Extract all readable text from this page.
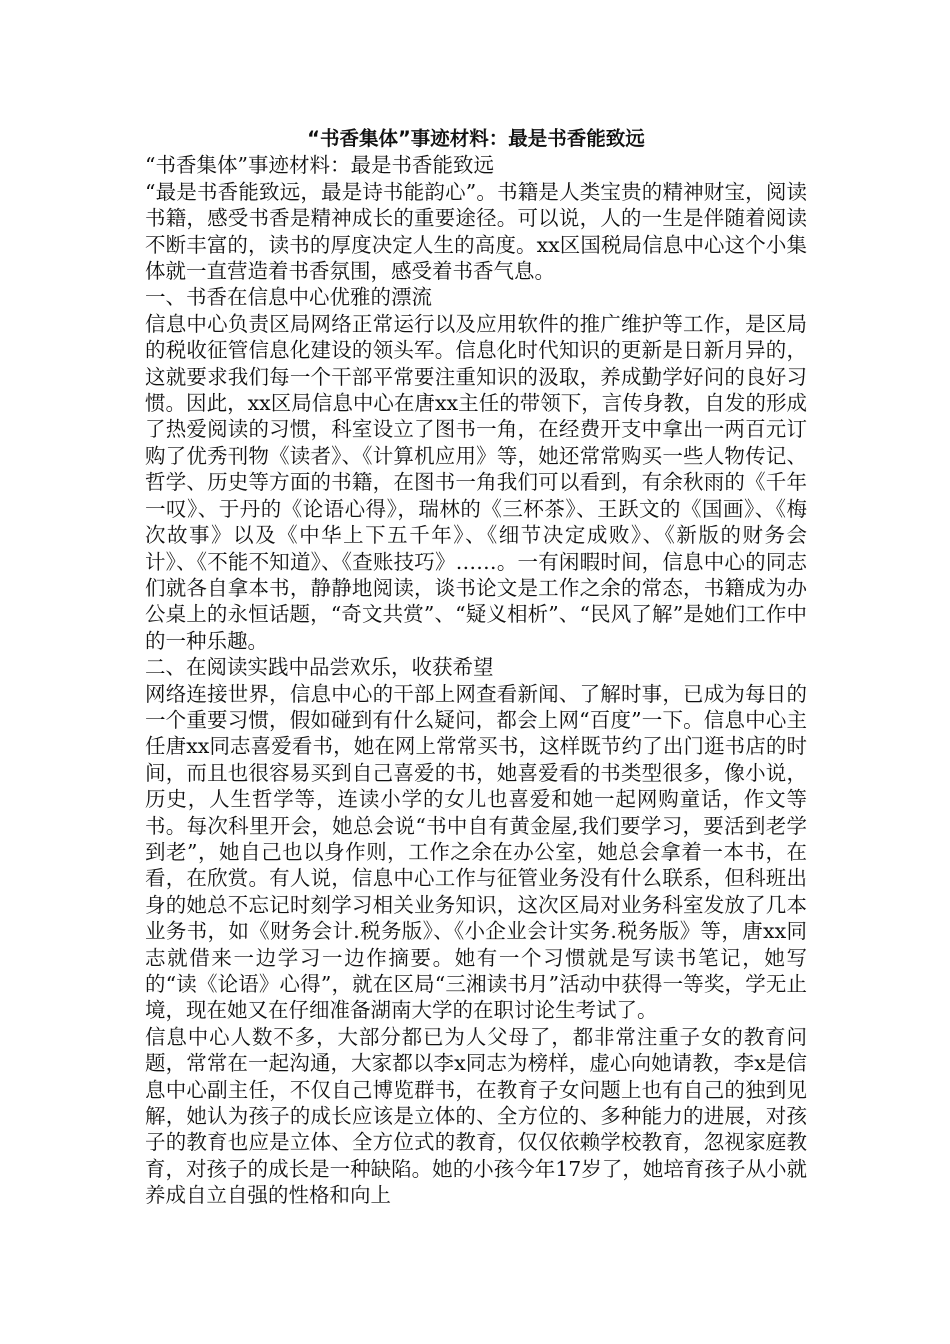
“书香集体”事迹材料：最是书香能致远
“书香集体”事迹材料：最是书香能致远
“最是书香能致远，最是诗书能韵心”。书籍是人类宝贵的精神财宝，阅读书籍，感受书香是精神成长的重要途径。可以说，人的一生是伴随着阅读不断丰富的，读书的厚度决定人生的高度。xx区国税局信息中心这个小集体就一直营造着书香氛围，感受着书香气息。
一、书香在信息中心优雅的漂流
信息中心负责区局网络正常运行以及应用软件的推广维护等工作，是区局的税收征管信息化建设的领头军。信息化时代知识的更新是日新月异的，这就要求我们每一个干部平常要注重知识的汲取，养成勤学好问的良好习惯。因此，xx区局信息中心在唐xx主任的带领下，言传身教，自发的形成了热爱阅读的习惯，科室设立了图书一角，在经费开支中拿出一两百元订购了优秀刊物《读者》、《计算机应用》等，她还常常购买一些人物传记、哲学、历史等方面的书籍，在图书一角我们可以看到，有余秋雨的《千年一叹》、于丹的《论语心得》，瑞林的《三杯茶》、王跃文的《国画》、《梅次故事》以及《中华上下五千年》、《细节决定成败》、《新版的财务会计》、《不能不知道》、《查账技巧》……。一有闲暇时间，信息中心的同志们就各自拿本书，静静地阅读，谈书论文是工作之余的常态，书籍成为办公桌上的永恒话题，“奇文共赏”、“疑义相析”、“民风了解”是她们工作中的一种乐趣。
二、在阅读实践中品尝欢乐，收获希望
网络连接世界，信息中心的干部上网查看新闻、了解时事，已成为每日的一个重要习惯，假如碰到有什么疑问，都会上网“百度”一下。信息中心主任唐xx同志喜爱看书，她在网上常常买书，这样既节约了出门逛书店的时间，而且也很容易买到自己喜爱的书，她喜爱看的书类型很多，像小说，历史，人生哲学等，连读小学的女儿也喜爱和她一起网购童话，作文等书。每次科里开会，她总会说“书中自有黄金屋,我们要学习，要活到老学到老”，她自己也以身作则，工作之余在办公室，她总会拿着一本书，在看，在欣赏。有人说，信息中心工作与征管业务没有什么联系，但科班出身的她总不忘记时刻学习相关业务知识，这次区局对业务科室发放了几本业务书，如《财务会计.税务版》、《小企业会计实务.税务版》等，唐xx同志就借来一边学习一边作摘要。她有一个习惯就是写读书笔记，她写的“读《论语》心得”，就在区局“三湘读书月”活动中获得一等奖，学无止境，现在她又在仔细准备湖南大学的在职讨论生考试了。
信息中心人数不多，大部分都已为人父母了，都非常注重子女的教育问题，常常在一起沟通，大家都以李x同志为榜样，虚心向她请教，李x是信息中心副主任，不仅自己博览群书，在教育子女问题上也有自己的独到见解，她认为孩子的成长应该是立体的、全方位的、多种能力的进展，对孩子的教育也应是立体、全方位式的教育，仅仅依赖学校教育，忽视家庭教育，对孩子的成长是一种缺陷。她的小孩今年17岁了，她培育孩子从小就养成自立自强的性格和向上
